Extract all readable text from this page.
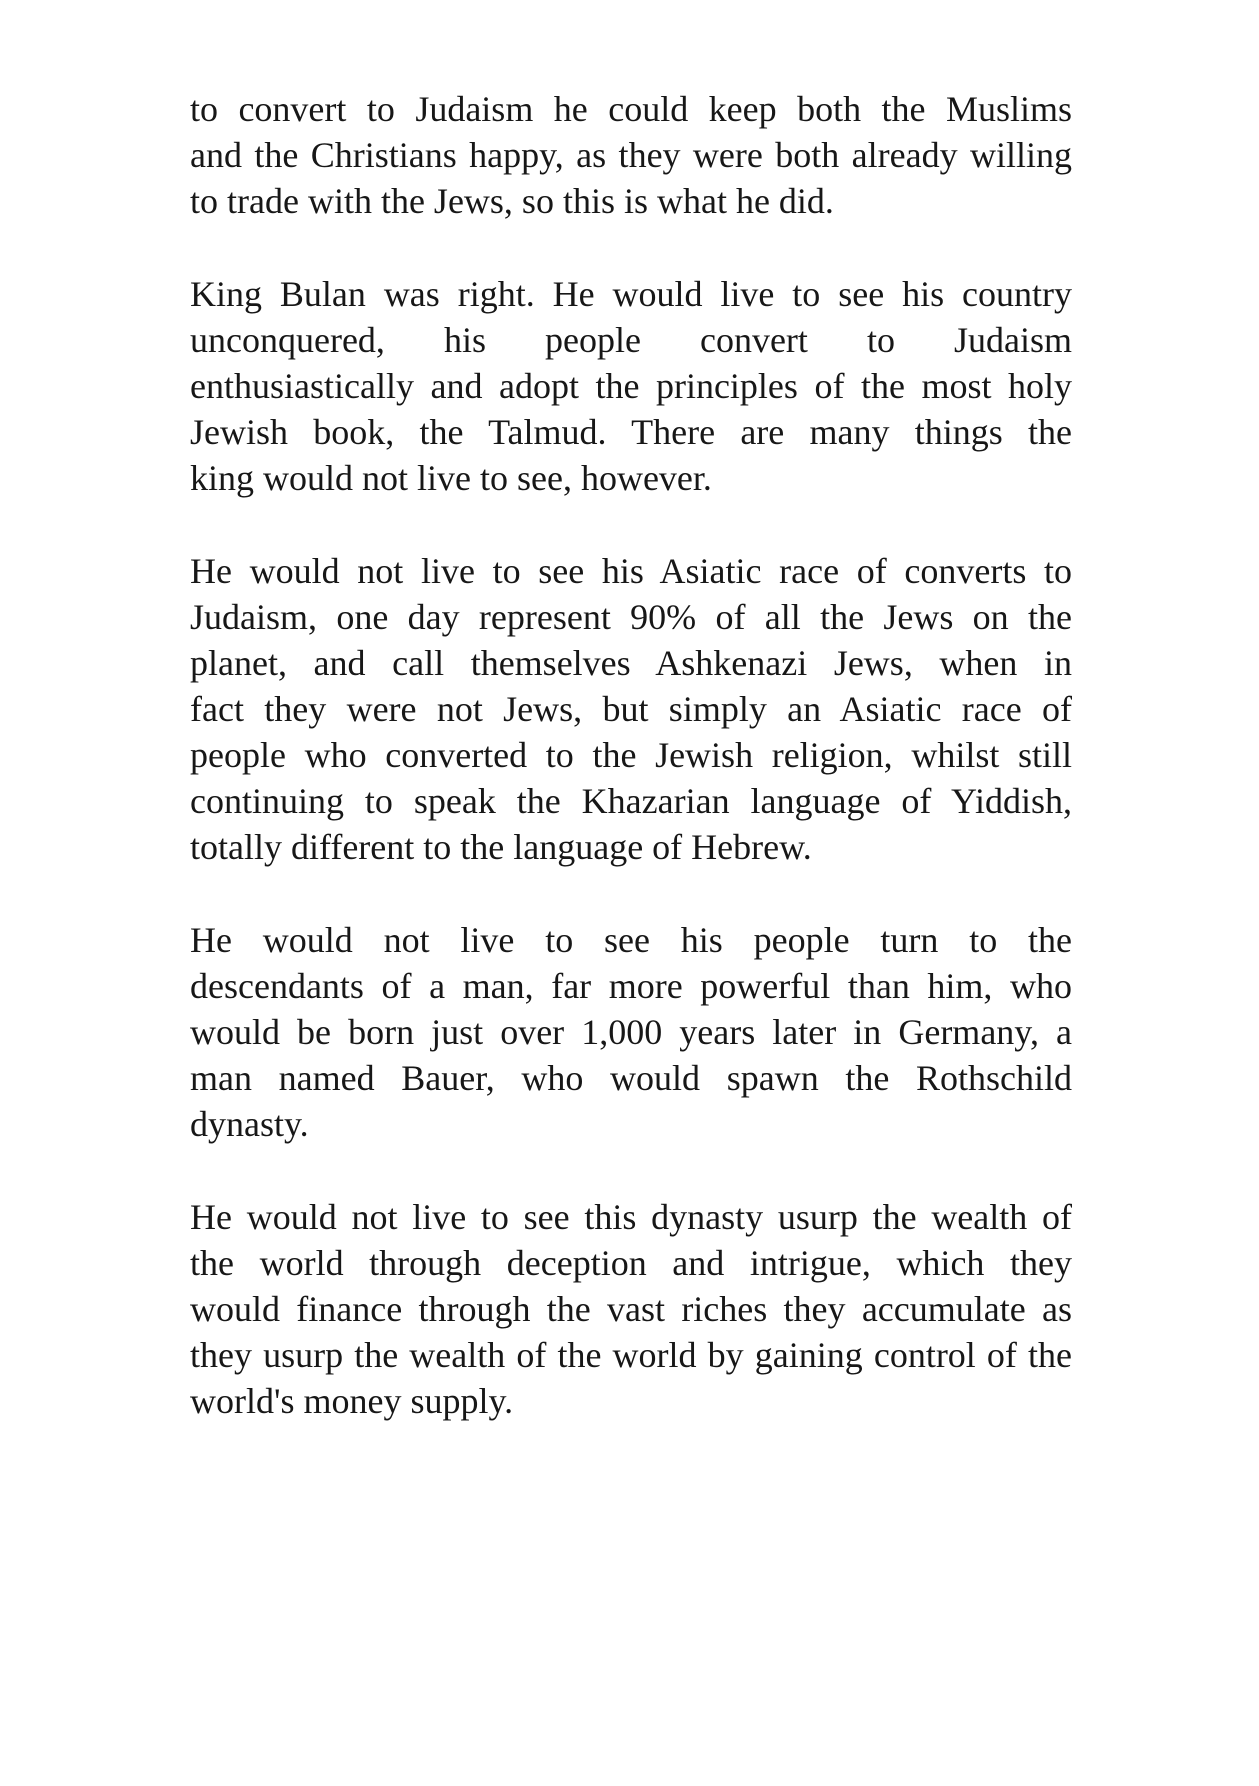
to convert to Judaism he could keep both the Muslims
and the Christians happy, as they were both already willing
to trade with the Jews, so this is what he did.
King Bulan was right. He would live to see his country
unconquered, his people convert to Judaism
enthusiastically and adopt the principles of the most holy
Jewish book, the Talmud. There are many things the
king would not live to see, however.
He would not live to see his Asiatic race of converts to
Judaism, one day represent 90% of all the Jews on the
planet, and call themselves Ashkenazi Jews, when in
fact they were not Jews, but simply an Asiatic race of
people who converted to the Jewish religion, whilst still
continuing to speak the Khazarian language of Yiddish,
totally different to the language of Hebrew.
He would not live to see his people turn to the
descendants of a man, far more powerful than him, who
would be born just over 1,000 years later in Germany, a
man named Bauer, who would spawn the Rothschild
dynasty.
He would not live to see this dynasty usurp the wealth of
the world through deception and intrigue, which they
would finance through the vast riches they accumulate as
they usurp the wealth of the world by gaining control of the
world's money supply.
